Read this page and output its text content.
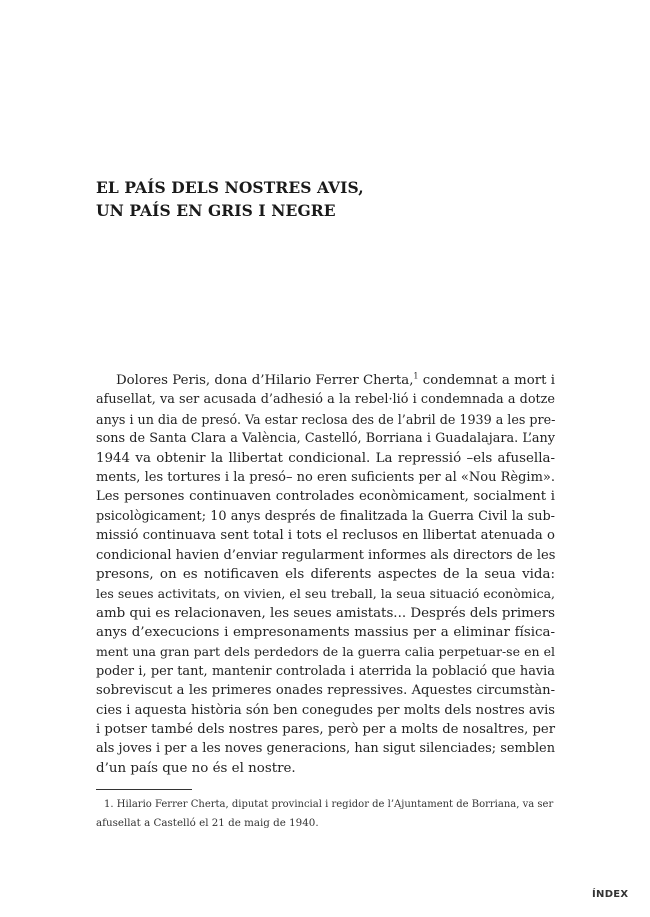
EL PAÍS DELS NOSTRES AVIS,
UN PAÍS EN GRIS I NEGRE
Dolores Peris, dona d’Hilario Ferrer Cherta,$^1$ condemnat a mort i
afusellat, va ser acusada d’adhesió a la rebel·lió i condemnada a dotze
anys i un dia de presó. Va estar reclosa des de l’abril de 1939 a les pre-
sons de Santa Clara a València, Castelló, Borriana i Guadalajara. L’any
1944 va obtenir la llibertat condicional. La repressió –els afusella-
ments, les tortures i la presó– no eren suficients per al «Nou Règim».
Les persones continuaven controlades econòmicament, socialment i
psicològicament; 10 anys després de finalitzada la Guerra Civil la sub-
missió continuava sent total i tots el reclusos en llibertat atenuada o
condicional havien d’enviar regularment informes als directors de les
presons, on es notificaven els diferents aspectes de la seua vida:
les seues activitats, on vivien, el seu treball, la seua situació econòmica,
amb qui es relacionaven, les seues amistats... Després dels primers
anys d’execucions i empresonaments massius per a eliminar física-
ment una gran part dels perdedors de la guerra calia perpetuar-se en el
poder i, per tant, mantenir controlada i aterrida la població que havia
sobreviscut a les primeres onades repressives. Aquestes circumstàn-
cies i aquesta història són ben conegudes per molts dels nostres avis
i potser també dels nostres pares, però per a molts de nosaltres, per
als joves i per a les noves generacions, han sigut silenciades; semblen
d’un país que no és el nostre.
1. Hilario Ferrer Cherta, diputat provincial i regidor de l’Ajuntament de Borriana, va ser
afusellat a Castelló el 21 de maig de 1940.
ÍNDEX
